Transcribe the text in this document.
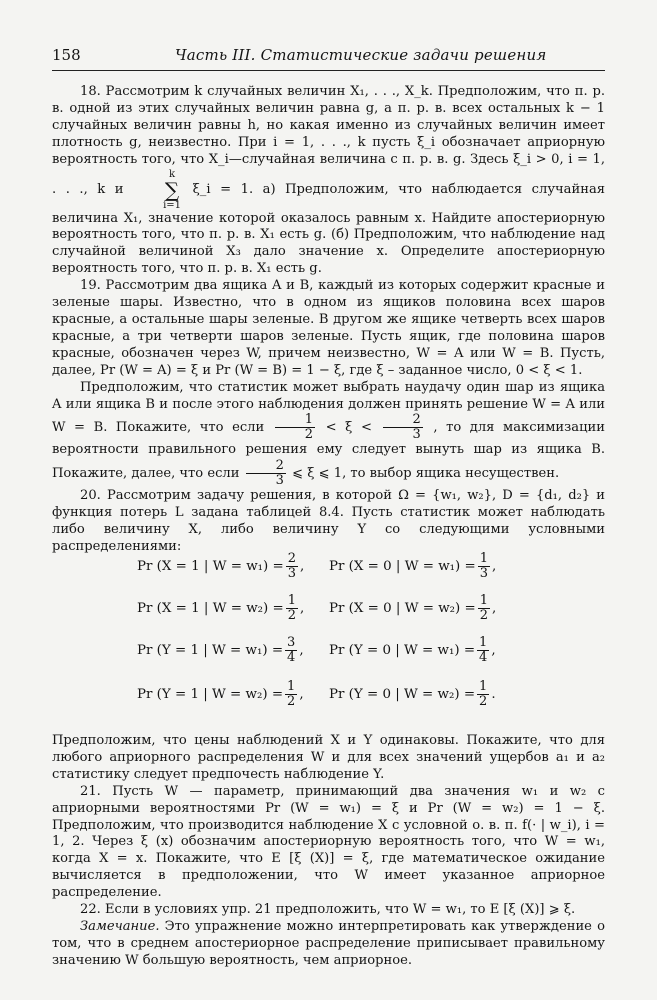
158	Часть III. Статистические задачи решения

18. Рассмотрим k случайных величин X₁, . . ., X_k. Предположим, что п. р. в. одной из этих случайных величин равна g, а п. р. в. всех остальных k − 1 случайных величин равны h, но какая именно из случайных величин имеет плотность g, неизвестно. При i = 1, . . ., k пусть ξ_i обозначает априорную вероятность того, что X_i—случайная величина с п. р. в. g. Здесь ξ_i > 0, i = 1, . . ., k и
k
∑
i=1
ξ_i = 1. а) Предположим, что наблюдается случайная величина X₁, значение которой оказалось равным x. Найдите апостериорную вероятность того, что п. р. в. X₁ есть g. (б) Предположим, что наблюдение над случайной величиной X₃ дало значение x. Определите апостериорную вероятность того, что п. р. в. X₁ есть g.

19. Рассмотрим два ящика A и B, каждый из которых содержит красные и зеленые шары. Известно, что в одном из ящиков половина всех шаров красные, а остальные шары зеленые. В другом же ящике четверть всех шаров красные, а три четверти шаров зеленые. Пусть ящик, где половина шаров красные, обозначен через W, причем неизвестно, W = A или W = B. Пусть, далее, Pr (W = A) = ξ и Pr (W = B) = 1 − ξ, где ξ – заданное число, 0 < ξ < 1.

Предположим, что статистик может выбрать наудачу один шар из ящика A или ящика B и после этого наблюдения должен принять решение W = A или W = B. Покажите, что если $\frac{1}{2} < \xi < \frac{2}{3}$ , то для максимизации вероятности правильного решения ему следует вынуть шар из ящика B. Покажите, далее, что если $\frac{2}{3}$ ⩽ ξ ⩽ 1, то выбор ящика несуществен.

20. Рассмотрим задачу решения, в которой Ω = {w₁, w₂}, D = {d₁, d₂} и функция потерь L задана таблицей 8.4. Пусть статистик может наблюдать либо величину X, либо величину Y со следующими условными распределениями:

Pr (X = 1 | $W = w_1) = \frac{2}{3}$ , Pr (X = 0 | $W = w_1) = \frac{1}{3}$ ,
Pr (X = 1 | $W = w_2) = \frac{1}{2}$ , Pr (X = 0 | $W = w_2) = \frac{1}{2}$ ,
Pr (Y = 1 | $W = w_1) = \frac{3}{4}$ , Pr (Y = 0 | $W = w_1) = \frac{1}{4}$ ,
Pr (Y = 1 | $W = w_2) = \frac{1}{2}$ , Pr (Y = 0 | $W = w_2) = \frac{1}{2}$ .

Предположим, что цены наблюдений X и Y одинаковы. Покажите, что для любого априорного распределения W и для всех значений ущербов a₁ и a₂ статистику следует предпочесть наблюдение Y.

21. Пусть W — параметр, принимающий два значения w₁ и w₂ с априорными вероятностями Pr (W = w₁) = ξ и Pr (W = w₂) = 1 − ξ. Предположим, что производится наблюдение X с условной о. в. п. f(· | w_i), i = 1, 2. Через ξ (x) обозначим апостериорную вероятность того, что W = w₁, когда X = x. Покажите, что E [ξ (X)] = ξ, где математическое ожидание вычисляется в предположении, что W имеет указанное априорное распределение.

22. Если в условиях упр. 21 предположить, что W = w₁, то E [ξ (X)] ⩾ ξ.

Замечание. Это упражнение можно интерпретировать как утверждение о том, что в среднем апостериорное распределение приписывает правильному значению W большую вероятность, чем априорное.
